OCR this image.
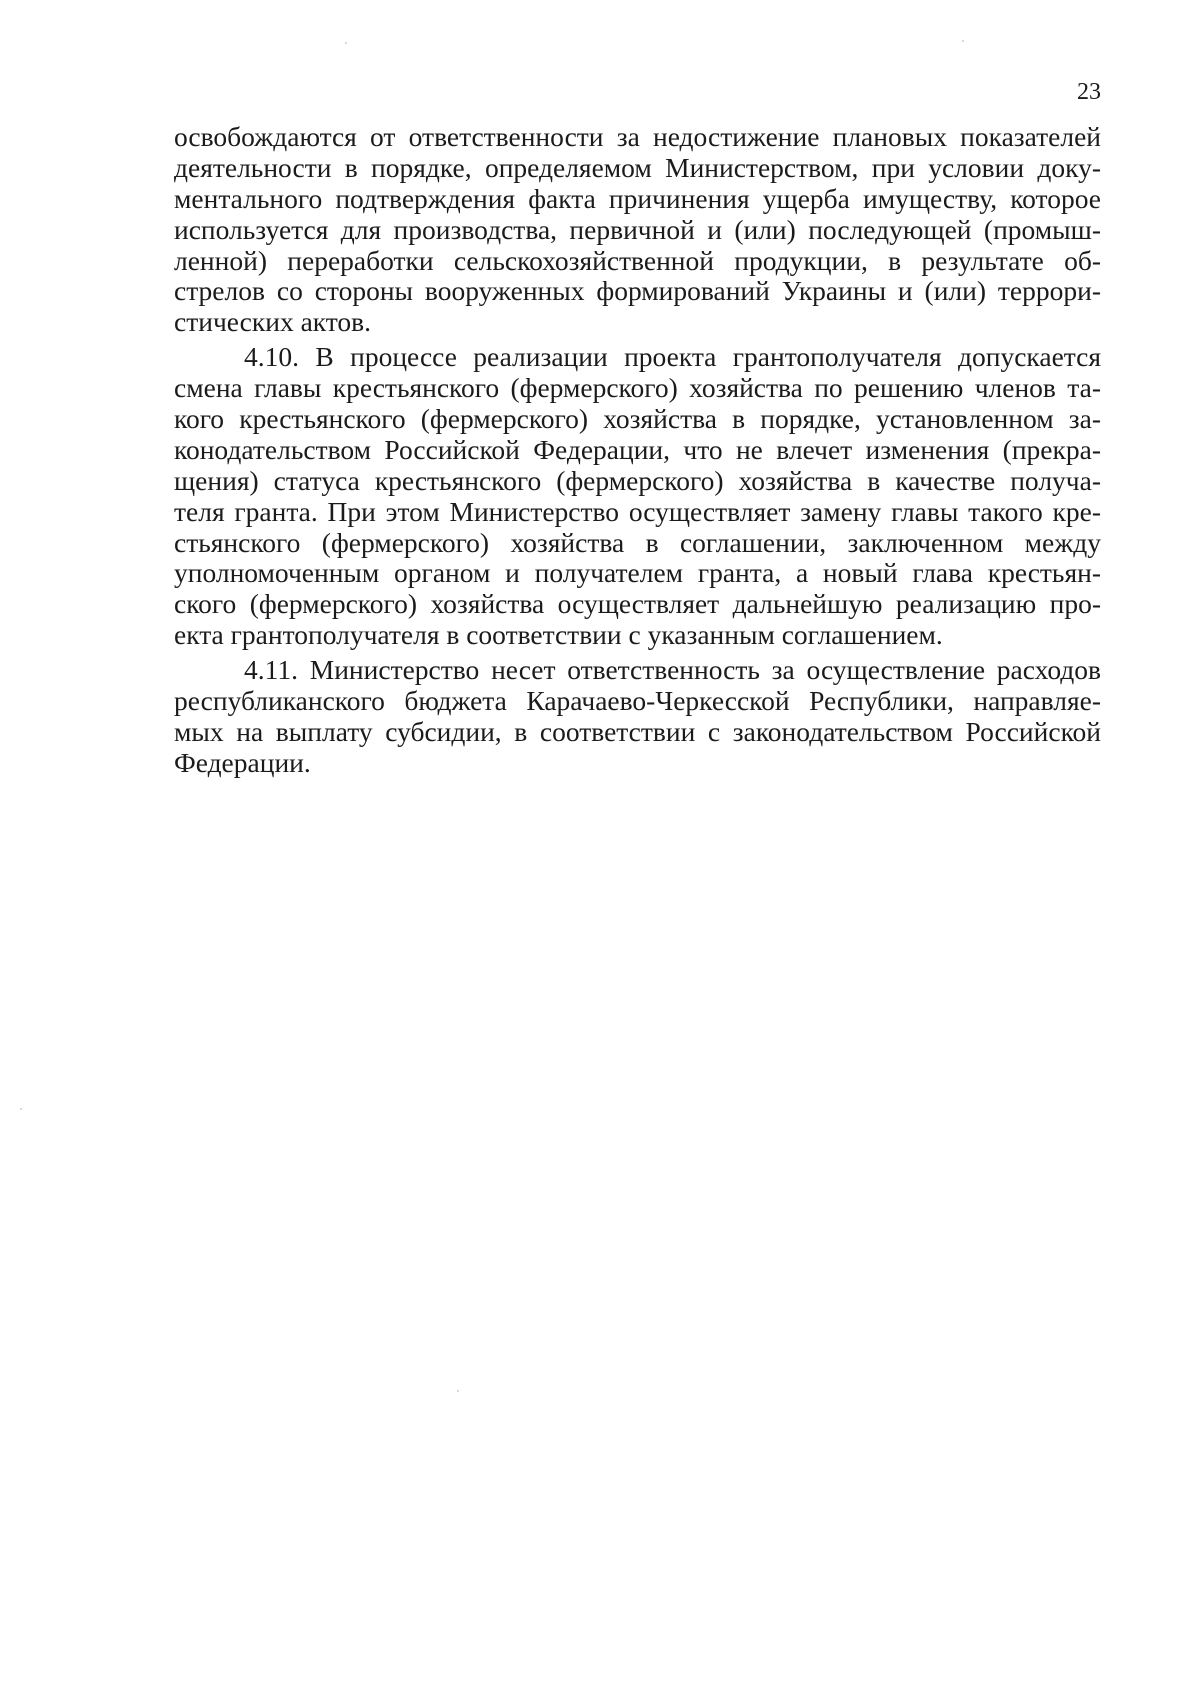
23
освобождаются от ответственности за недостижение плановых показателей
деятельности в порядке, определяемом Министерством, при условии доку-
ментального подтверждения факта причинения ущерба имуществу, которое
используется для производства, первичной и (или) последующей (промыш-
ленной) переработки сельскохозяйственной продукции, в результате об-
стрелов со стороны вооруженных формирований Украины и (или) террори-
стических актов.
4.10. В процессе реализации проекта грантополучателя допускается
смена главы крестьянского (фермерского) хозяйства по решению членов та-
кого крестьянского (фермерского) хозяйства в порядке, установленном за-
конодательством Российской Федерации, что не влечет изменения (прекра-
щения) статуса крестьянского (фермерского) хозяйства в качестве получа-
теля гранта. При этом Министерство осуществляет замену главы такого кре-
стьянского (фермерского) хозяйства в соглашении, заключенном между
уполномоченным органом и получателем гранта, а новый глава крестьян-
ского (фермерского) хозяйства осуществляет дальнейшую реализацию про-
екта грантополучателя в соответствии с указанным соглашением.
4.11. Министерство несет ответственность за осуществление расходов
республиканского бюджета Карачаево-Черкесской Республики, направляе-
мых на выплату субсидии, в соответствии с законодательством Российской
Федерации.
